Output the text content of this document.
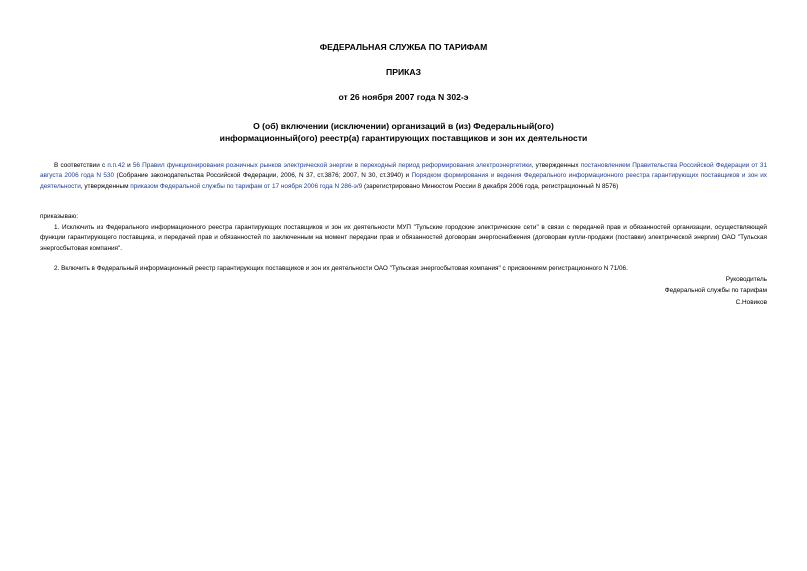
ФЕДЕРАЛЬНАЯ СЛУЖБА ПО ТАРИФАМ

ПРИКАЗ

от 26 ноября 2007 года N 302-э

О (об) включении (исключении) организаций в (из) Федеральный(ого)
информационный(ого) реестр(а) гарантирующих поставщиков и зон их деятельности

В соответствии с п.п.42 и 56 Правил функционирования розничных рынков электрической энергии в переходный период реформирования электроэнергетики, утвержденных постановлением Правительства Российской Федерации от 31 августа 2006 года N 530 (Собрание законодательства Российской Федерации, 2006, N 37, ст.3876; 2007, N 30, ст.3940) и Порядком формирования и ведения Федерального информационного реестра гарантирующих поставщиков и зон их деятельности, утвержденным приказом Федеральной службы по тарифам от 17 ноября 2006 года N 286-э/9 (зарегистрировано Минюстом России 8 декабря 2006 года, регистрационный N 8576)

приказываю:

1. Исключить из Федерального информационного реестра гарантирующих поставщиков и зон их деятельности МУП "Тульские городские электрические сети" в связи с передачей прав и обязанностей организации, осуществляющей функции гарантирующего поставщика, и передачей прав и обязанностей по заключенным на момент передачи прав и обязанностей договорам энергоснабжения (договорам купли-продажи (поставки) электрической энергии) ОАО "Тульская энергосбытовая компания".

2. Включить в Федеральный информационный реестр гарантирующих поставщиков и зон их деятельности ОАО "Тульская энергосбытовая компания" с присвоением регистрационного N 71/06.

Руководитель
Федеральной службы по тарифам
С.Новиков
